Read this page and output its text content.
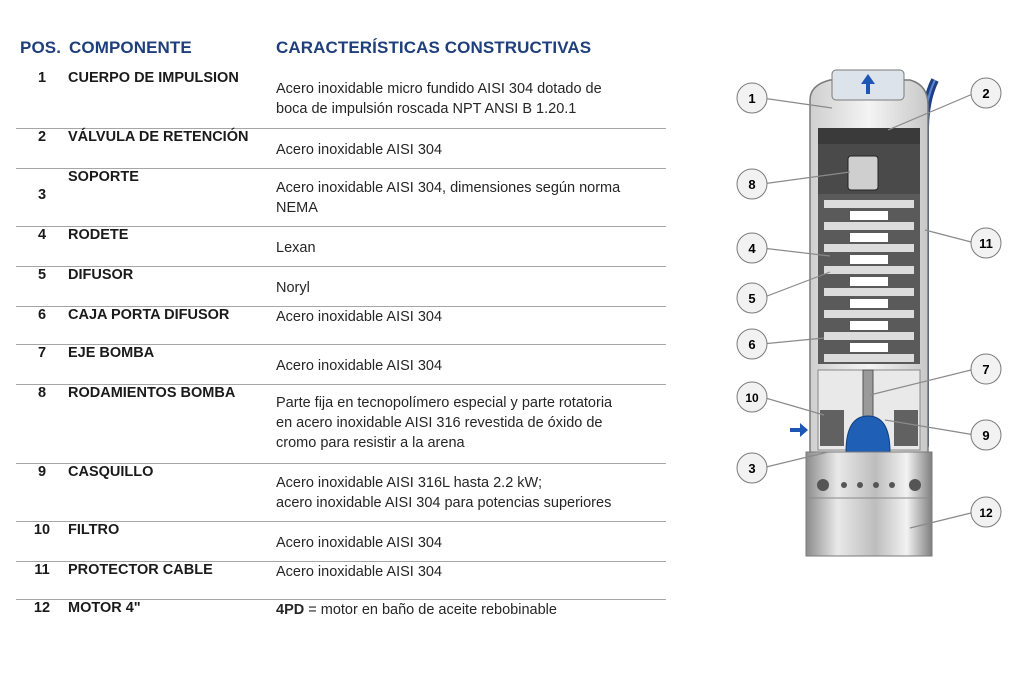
POS. COMPONENTE	CARACTERÍSTICAS CONSTRUCTIVAS
1	CUERPO DE IMPULSION	Acero inoxidable micro fundido AISI 304 dotado de
boca de impulsión roscada NPT ANSI B 1.20.1
2	VÁLVULA DE RETENCIÓN	Acero inoxidable AISI 304
3	SOPORTE	Acero inoxidable AISI 304, dimensiones según norma
NEMA
4	RODETE	Lexan
5	DIFUSOR	Noryl
6	CAJA PORTA DIFUSOR	Acero inoxidable AISI 304
7	EJE BOMBA	Acero inoxidable AISI 304
8	RODAMIENTOS BOMBA	Parte fija en tecnopolímero especial y parte rotatoria
en acero inoxidable AISI 316 revestida de óxido de
cromo para resistir a la arena
9	CASQUILLO	Acero inoxidable AISI 316L hasta 2.2 kW;
acero inoxidable AISI 304 para potencias superiores
10	FILTRO	Acero inoxidable AISI 304
11	PROTECTOR CABLE	Acero inoxidable AISI 304
12	MOTOR 4"	4PD = motor en baño de aceite rebobinable
1	2
8
11
4
5
6
7
10
9
3
12
